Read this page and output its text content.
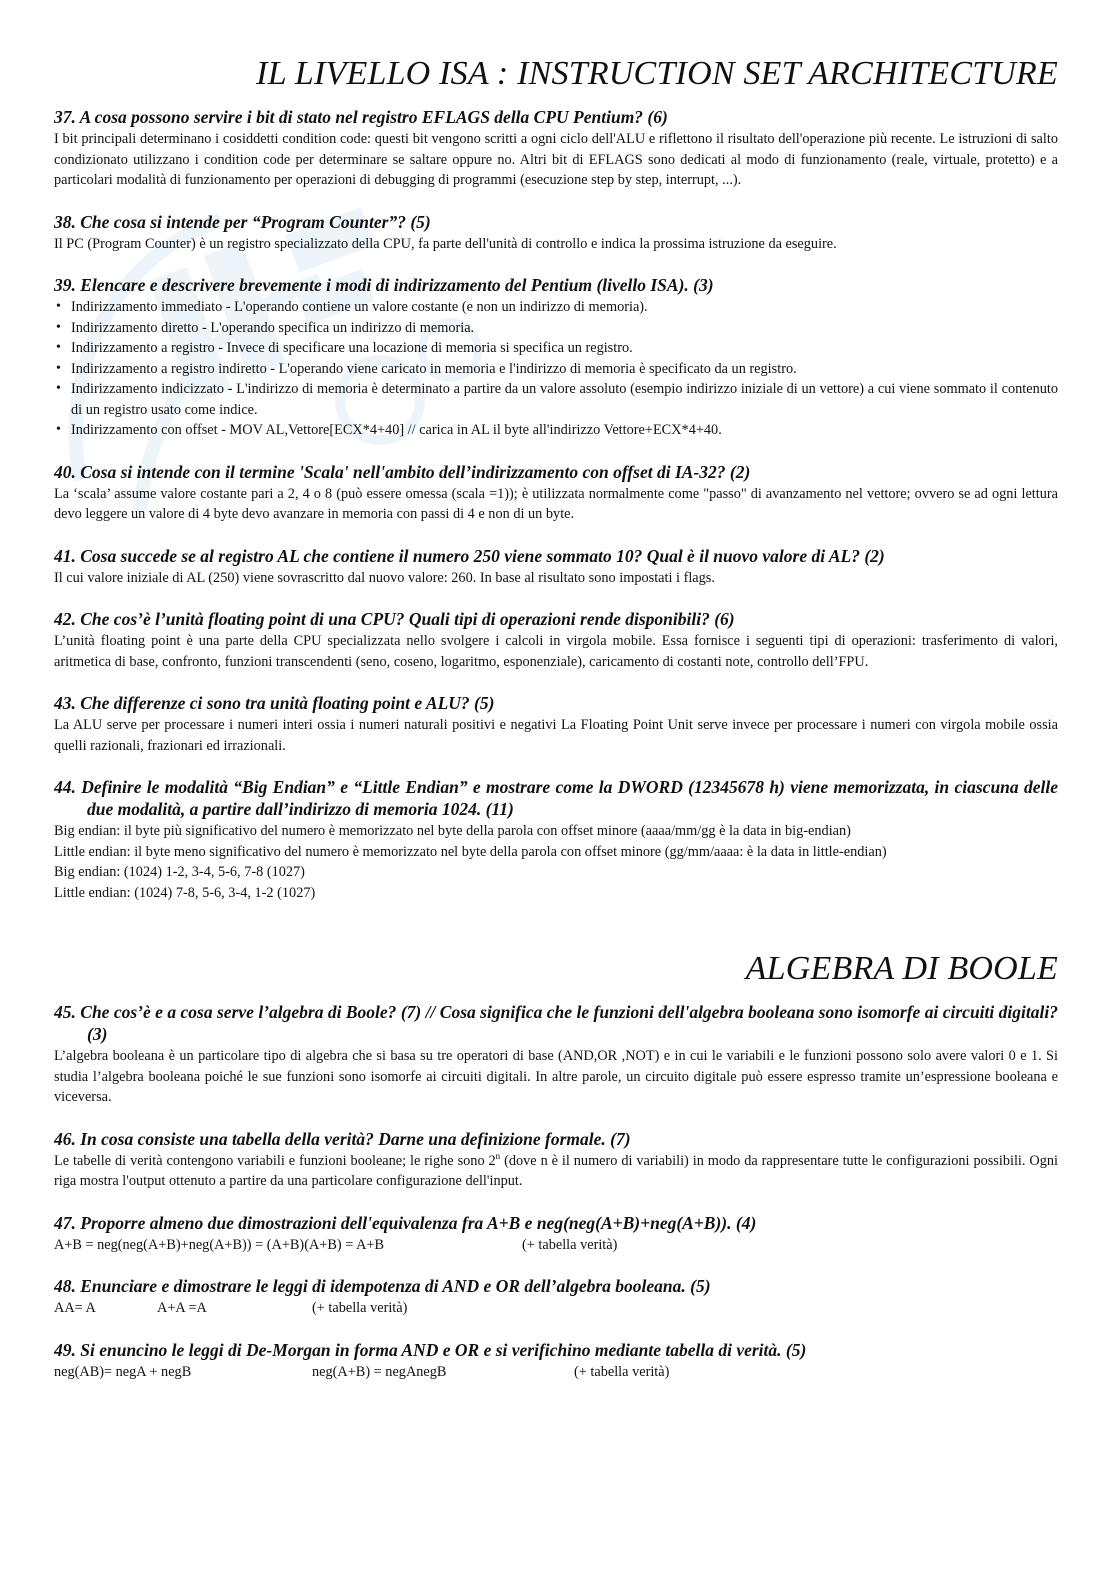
IL LIVELLO ISA : INSTRUCTION SET ARCHITECTURE

37. A cosa possono servire i bit di stato nel registro EFLAGS della CPU Pentium? (6)

I bit principali determinano i cosiddetti condition code: questi bit vengono scritti a ogni ciclo dell'ALU e riflettono il risultato dell'operazione più recente. Le istruzioni di salto condizionato utilizzano i condition code per determinare se saltare oppure no. Altri bit di EFLAGS sono dedicati al modo di funzionamento (reale, virtuale, protetto) e a particolari modalità di funzionamento per operazioni di debugging di programmi (esecuzione step by step, interrupt, ...).

38. Che cosa si intende per “Program Counter”? (5)

Il PC (Program Counter) è un registro specializzato della CPU, fa parte dell'unità di controllo e indica la prossima istruzione da eseguire.

39. Elencare e descrivere brevemente i modi di indirizzamento del Pentium (livello ISA). (3)

• Indirizzamento immediato - L'operando contiene un valore costante (e non un indirizzo di memoria).
• Indirizzamento diretto - L'operando specifica un indirizzo di memoria.
• Indirizzamento a registro - Invece di specificare una locazione di memoria si specifica un registro.
• Indirizzamento a registro indiretto - L'operando viene caricato in memoria e l'indirizzo di memoria è specificato da un registro.
• Indirizzamento indicizzato - L'indirizzo di memoria è determinato a partire da un valore assoluto (esempio indirizzo iniziale di un vettore) a cui viene sommato il contenuto di un registro usato come indice.
• Indirizzamento con offset - MOV AL,Vettore[ECX*4+40] // carica in AL il byte all'indirizzo Vettore+ECX*4+40.

40. Cosa si intende con il termine 'Scala' nell'ambito dell’indirizzamento con offset di IA-32? (2)

La ‘scala’ assume valore costante pari a 2, 4 o 8 (può essere omessa (scala =1)); è utilizzata normalmente come "passo" di avanzamento nel vettore; ovvero se ad ogni lettura devo leggere un valore di 4 byte devo avanzare in memoria con passi di 4 e non di un byte.

41. Cosa succede se al registro AL che contiene il numero 250 viene sommato 10? Qual è il nuovo valore di AL? (2)

Il cui valore iniziale di AL (250) viene sovrascritto dal nuovo valore: 260. In base al risultato sono impostati i flags.

42. Che cos’è l’unità floating point di una CPU? Quali tipi di operazioni rende disponibili? (6)

L’unità floating point è una parte della CPU specializzata nello svolgere i calcoli in virgola mobile. Essa fornisce i seguenti tipi di operazioni: trasferimento di valori, aritmetica di base, confronto, funzioni transcendenti (seno, coseno, logaritmo, esponenziale), caricamento di costanti note, controllo dell’FPU.

43. Che differenze ci sono tra unità floating point e ALU? (5)

La ALU serve per processare i numeri interi ossia i numeri naturali positivi e negativi La Floating Point Unit serve invece per processare i numeri con virgola mobile ossia quelli razionali, frazionari ed irrazionali.

44. Definire le modalità “Big Endian” e “Little Endian” e mostrare come la DWORD (12345678 h) viene memorizzata, in ciascuna delle due modalità, a partire dall’indirizzo di memoria 1024. (11)

Big endian: il byte più significativo del numero è memorizzato nel byte della parola con offset minore (aaaa/mm/gg è la data in big-endian)

Little endian: il byte meno significativo del numero è memorizzato nel byte della parola con offset minore (gg/mm/aaaa: è la data in little-endian)

Big endian: (1024) 1-2, 3-4, 5-6, 7-8 (1027)

Little endian: (1024) 7-8, 5-6, 3-4, 1-2 (1027)

ALGEBRA DI BOOLE

45. Che cos’è e a cosa serve l’algebra di Boole? (7) // Cosa significa che le funzioni dell'algebra booleana sono isomorfe ai circuiti digitali? (3)

L’algebra booleana è un particolare tipo di algebra che si basa su tre operatori di base (AND,OR ,NOT) e in cui le variabili e le funzioni possono solo avere valori 0 e 1. Si studia l’algebra booleana poiché le sue funzioni sono isomorfe ai circuiti digitali. In altre parole, un circuito digitale può essere espresso tramite un’espressione booleana e viceversa.

46. In cosa consiste una tabella della verità? Darne una definizione formale. (7)

Le tabelle di verità contengono variabili e funzioni booleane; le righe sono 2$^n$ (dove n è il numero di variabili) in modo da rappresentare tutte le configurazioni possibili. Ogni riga mostra l'output ottenuto a partire da una particolare configurazione dell'input.

47. Proporre almeno due dimostrazioni dell'equivalenza fra A+B e neg(neg(A+B)+neg(A+B)). (4)

A+B = neg(neg(A+B)+neg(A+B)) = (A+B)(A+B) = A+B	(+ tabella verità)

48. Enunciare e dimostrare le leggi di idempotenza di AND e OR dell’algebra booleana. (5)

AA= A	A+A =A	(+ tabella verità)

49. Si enuncino le leggi di De-Morgan in forma AND e OR e si verifichino mediante tabella di verità. (5)

neg(AB)= negA + negB	neg(A+B) = negAnegB	(+ tabella verità)
